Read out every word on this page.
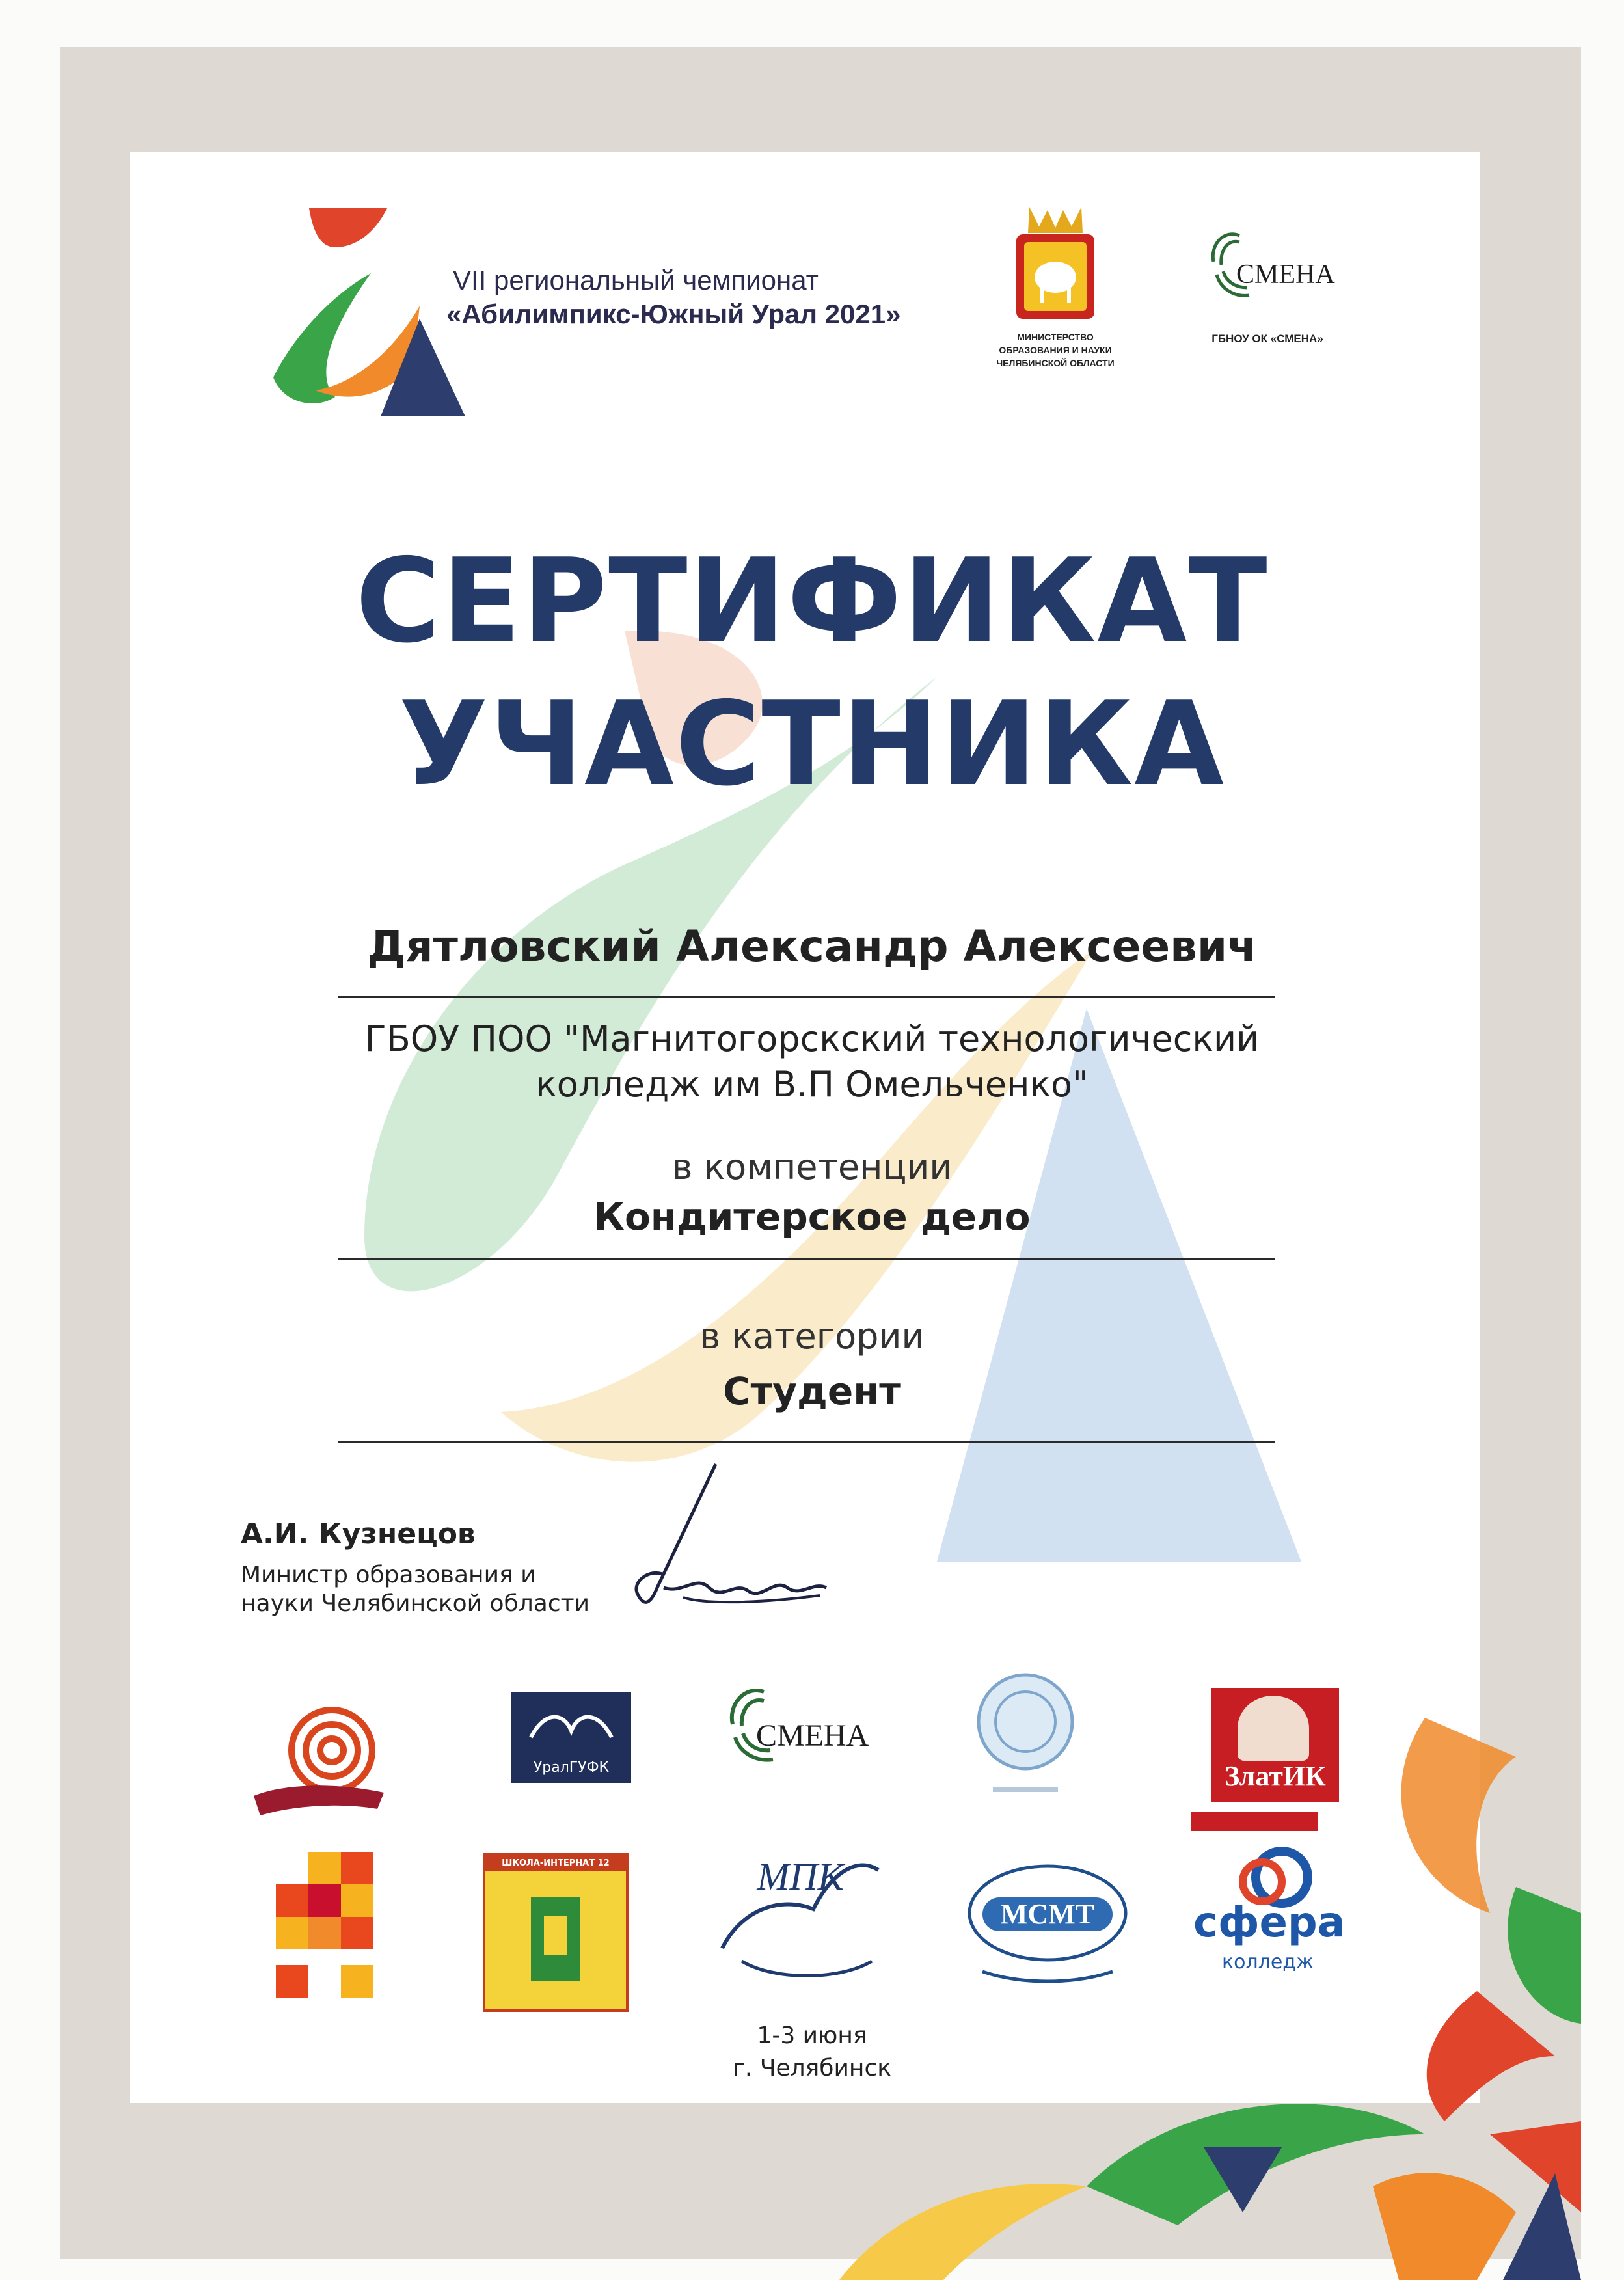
VII региональный чемпионат
«Абилимпикс-Южный Урал 2021»
МИНИСТЕРСТВО
ОБРАЗОВАНИЯ И НАУКИ
ЧЕЛЯБИНСКОЙ ОБЛАСТИ
СМЕНА
ГБНОУ ОК «СМЕНА»
СЕРТИФИКАТ
УЧАСТНИКА
Дятловский Александр Алексеевич
ГБОУ ПОО "Магнитогорскский технологический
колледж им В.П Омельченко"
в компетенции
Кондитерское дело
в категории
Студент
А.И. Кузнецов
Министр образования и
науки Челябинской области
УралГУФК
СМЕНА
ЗлатИК
ШКОЛА-ИНТЕРНАТ 12	МПК
МСМТ сфера
колледж
1-3 июня
г. Челябинск
